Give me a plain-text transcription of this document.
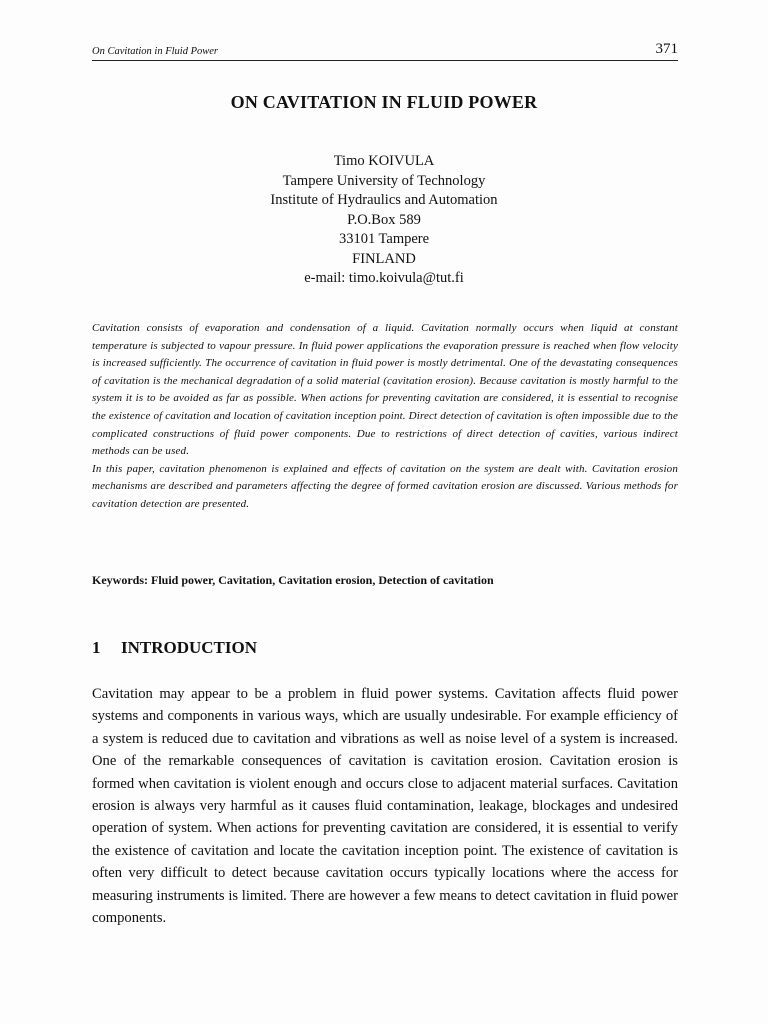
On Cavitation in Fluid Power	371
ON CAVITATION IN FLUID POWER
Timo KOIVULA
Tampere University of Technology
Institute of Hydraulics and Automation
P.O.Box 589
33101 Tampere
FINLAND
e-mail: timo.koivula@tut.fi

Cavitation consists of evaporation and condensation of a liquid. Cavitation normally occurs when liquid at constant temperature is subjected to vapour pressure. In fluid power applications the evaporation pressure is reached when flow velocity is increased sufficiently. The occurrence of cavitation in fluid power is mostly detrimental. One of the devastating consequences of cavitation is the mechanical degradation of a solid material (cavitation erosion). Because cavitation is mostly harmful to the system it is to be avoided as far as possible. When actions for preventing cavitation are considered, it is essential to recognise the existence of cavitation and location of cavitation inception point. Direct detection of cavitation is often impossible due to the complicated constructions of fluid power components. Due to restrictions of direct detection of cavities, various indirect methods can be used.

In this paper, cavitation phenomenon is explained and effects of cavitation on the system are dealt with. Cavitation erosion mechanisms are described and parameters affecting the degree of formed cavitation erosion are discussed. Various methods for cavitation detection are presented.

Keywords: Fluid power, Cavitation, Cavitation erosion, Detection of cavitation
1 INTRODUCTION

Cavitation may appear to be a problem in fluid power systems. Cavitation affects fluid power systems and components in various ways, which are usually undesirable. For example efficiency of a system is reduced due to cavitation and vibrations as well as noise level of a system is increased. One of the remarkable consequences of cavitation is cavitation erosion. Cavitation erosion is formed when cavitation is violent enough and occurs close to adjacent material surfaces. Cavitation erosion is always very harmful as it causes fluid contamination, leakage, blockages and undesired operation of system. When actions for preventing cavitation are considered, it is essential to verify the existence of cavitation and locate the cavitation inception point. The existence of cavitation is often very difficult to detect because cavitation occurs typically locations where the access for measuring instruments is limited. There are however a few means to detect cavitation in fluid power components.
